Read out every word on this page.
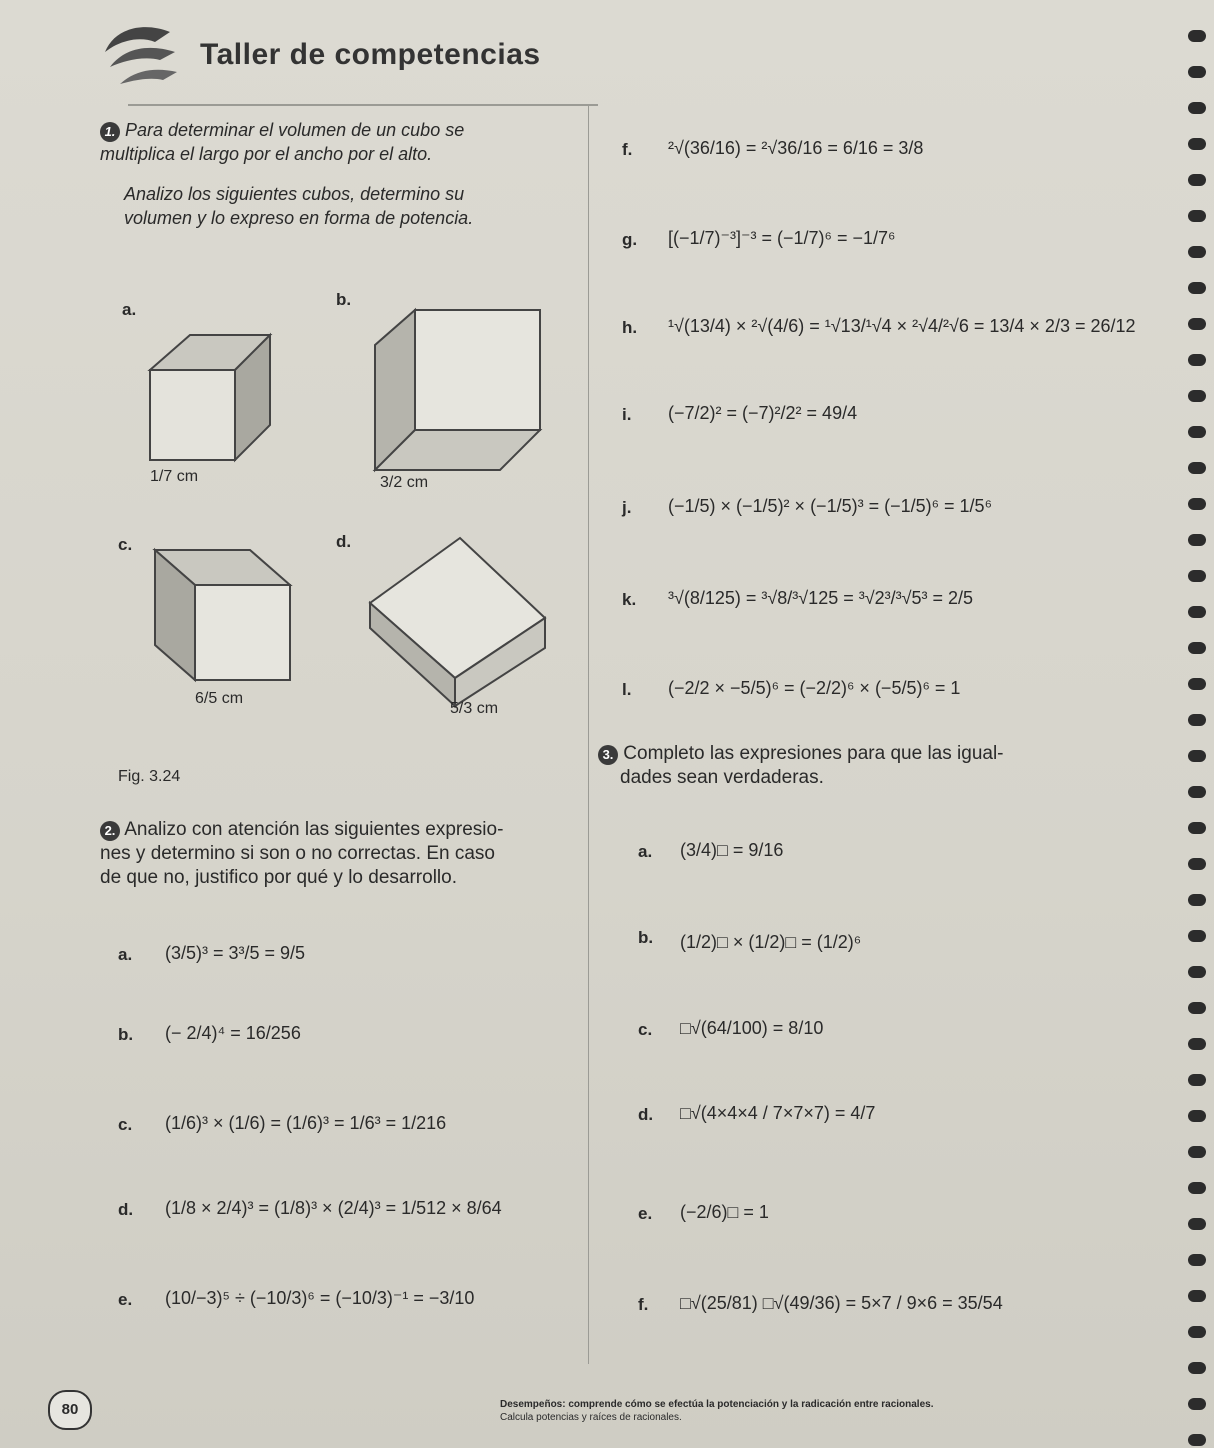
Taller de competencias
1. Para determinar el volumen de un cubo se
multiplica el largo por el ancho por el alto.
Analizo los siguientes cubos, determino su
volumen y lo expreso en forma de potencia.
a.
1/7 cm
b.
3/2 cm
c.
6/5 cm
d.
5/3 cm
Fig. 3.24
2. Analizo con atención las siguientes expresio-
nes y determino si son o no correctas. En caso
de que no, justifico por qué y lo desarrollo.
a. (3/5)³ = 3³/5 = 9/5
b. (− 2/4)⁴ = 16/256
c. (1/6)³ × (1/6) = (1/6)³ = 1/6³ = 1/216
d. (1/8 × 2/4)³ = (1/8)³ × (2/4)³ = 1/512 × 8/64
e. (10/−3)⁵ ÷ (−10/3)⁶ = (−10/3)⁻¹ = −3/10
f. ²√(36/16) = ²√36/16 = 6/16 = 3/8
g. [(−1/7)⁻³]⁻³ = (−1/7)⁶ = −1/7⁶
h. ¹√(13/4) × ²√(4/6) = ¹√13/¹√4 × ²√4/²√6 = 13/4 × 2/3 = 26/12
i. (−7/2)² = (−7)²/2² = 49/4
j. (−1/5) × (−1/5)² × (−1/5)³ = (−1/5)⁶ = 1/5⁶
k. ³√(8/125) = ³√8/³√125 = ³√2³/³√5³ = 2/5
l. (−2/2 × −5/5)⁶ = (−2/2)⁶ × (−5/5)⁶ = 1
3. Completo las expresiones para que las igual-
dades sean verdaderas.
a. (3/4)□ = 9/16
b. (1/2)□ × (1/2)□ = (1/2)⁶
c. □√(64/100) = 8/10
d. □√(4×4×4 / 7×7×7) = 4/7
e. (−2/6)□ = 1
f. □√(25/81) □√(49/36) = 5×7 / 9×6 = 35/54
80	Desempeños: comprende cómo se efectúa la potenciación y la radicación entre racionales.
Calcula potencias y raíces de racionales.
